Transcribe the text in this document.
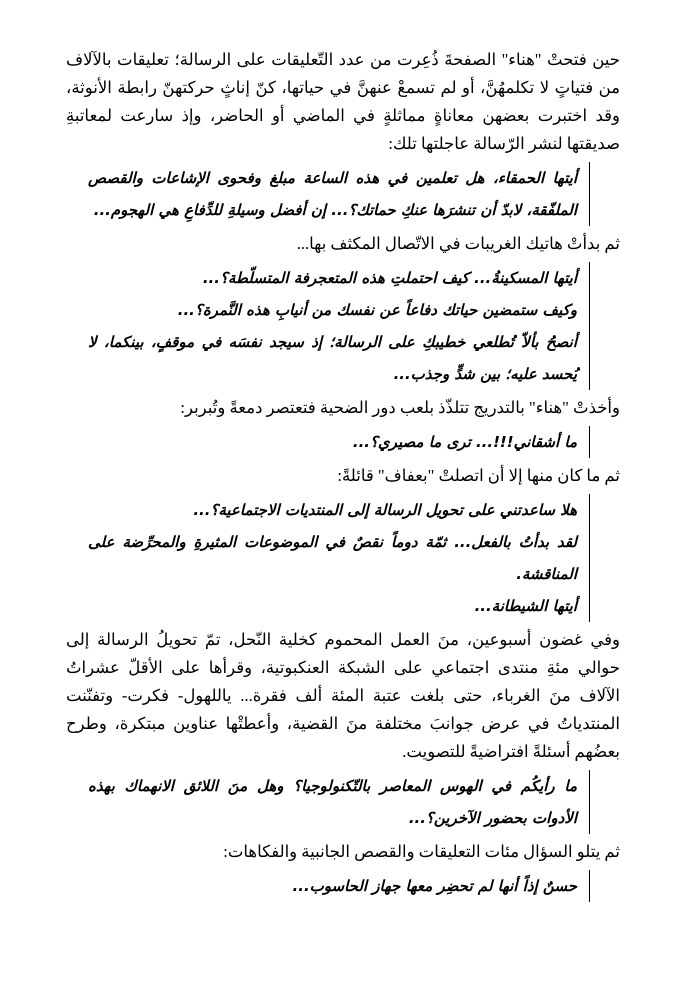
حين فتحتْ "هناء" الصفحةَ ذُعِرت من عدد التّعليقات على الرسالة؛ تعليقات بالآلاف من فتياتٍ لا تكلمهُنَّ، أو لم تسمعْ عنهنَّ في حياتها، كنّ إناثٍ حركتهنّ رابطة الأنوثة، وقد اختبرت بعضهن معاناةٍ مماثلةٍ في الماضي أو الحاضر، وإذ سارعت لمعاتبةِ صديقتها لنشر الرّسالة عاجلتها تلك:

أيتها الحمقاء، هل تعلمين في هذه الساعة مبلغ وفحوى الإشاعات والقصص الملفّقة، لابدّ أن تنشرَها عنكِ حماتك؟... إن أفضل وسيلةِ للدِّفاعِ هي الهجوم...

ثم بدأتْ هاتيك الغريبات في الاتّصال المكثف بها...

أيتها المسكينةُ... كيف احتملتِ هذه المتعجرفة المتسلّطة؟...
وكيف ستمضين حياتك دفاعاً عن نفسك من أنيابِ هذه النَّمرة؟...
أنصحُ بألاّ تُطلعي خطيبكِ على الرسالة؛ إذ سيجد نفسَه في موقفٍ، بينكما، لا يُحسد عليه؛ بين شدٍّ وجذب...

وأخذتْ "هناء" بالتدريج تتلذّذ بلعب دور الضحية فتعتصر دمعةً وتُبربر:

ما أشقاني!!!... ترى ما مصيري؟...

ثم ما كان منها إلا أن اتصلتْ "بعفاف" قائلةً:

هلا ساعدتني على تحويل الرسالة إلى المنتديات الاجتماعية؟...
لقد بدأتُ بالفعل... ثمّة دوماً نقصٌ في الموضوعات المثيرةِ والمحرِّضة على المناقشة.
أيتها الشيطانة...

وفي غضون أسبوعين، منَ العمل المحموم كخلية النّحل، تمّ تحويلُ الرسالة إلى حوالي مئةِ منتدى اجتماعي على الشبكة العنكبوتية، وقرأها على الأقلّ عشراتُ الآلاف منَ الغرباء، حتى بلغت عتبة المئة ألف فقرة... ياللهول- فكرت- وتفنّنت المنتدياتُ في عرض جوانبَ مختلفة منَ القضية، وأعطتْها عناوين مبتكرة، وطرح بعضُهم أسئلةً افتراضيةً للتصويت.

ما رأيكُم في الهوس المعاصر بالتّكنولوجيا؟ وهل منَ اللائق الانهماك بهذه الأدوات بحضور الآخرين؟...

ثم يتلو السؤال مئات التعليقات والقصص الجانبية والفكاهات:

حسنٌ إذاً أنها لم تحضِر معها جهاز الحاسوب...
